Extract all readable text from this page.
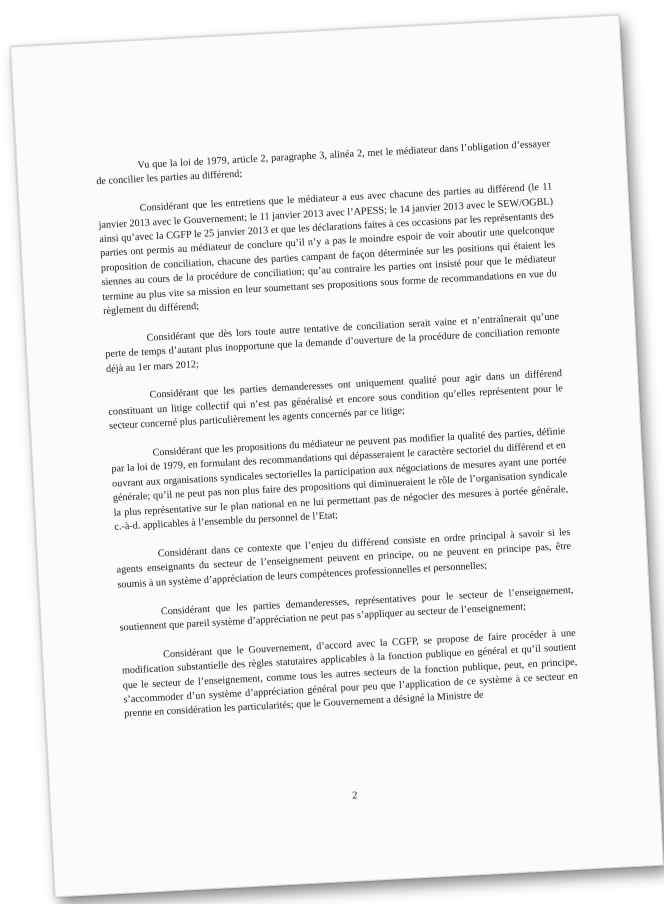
Vu que la loi de 1979, article 2, paragraphe 3, alinéa 2, met le médiateur dans l’obligation d’essayer de concilier les parties au différend;

Considérant que les entretiens que le médiateur a eus avec chacune des parties au différend (le 11 janvier 2013 avec le Gouvernement; le 11 janvier 2013 avec l’APESS; le 14 janvier 2013 avec le SEW/OGBL) ainsi qu’avec la CGFP le 25 janvier 2013 et que les déclarations faites à ces occasions par les représentants des parties ont permis au médiateur de conclure qu’il n’y a pas le moindre espoir de voir aboutir une quelconque proposition de conciliation, chacune des parties campant de façon déterminée sur les positions qui étaient les siennes au cours de la procédure de conciliation; qu’au contraire les parties ont insisté pour que le médiateur termine au plus vite sa mission en leur soumettant ses propositions sous forme de recommandations en vue du règlement du différend;

Considérant que dès lors toute autre tentative de conciliation serait vaine et n’entraînerait qu’une perte de temps d’autant plus inopportune que la demande d’ouverture de la procédure de conciliation remonte déjà au 1er mars 2012;

Considérant que les parties demanderesses ont uniquement qualité pour agir dans un différend constituant un litige collectif qui n’est pas généralisé et encore sous condition qu’elles représentent pour le secteur concerné plus particulièrement les agents concernés par ce litige;

Considérant que les propositions du médiateur ne peuvent pas modifier la qualité des parties, définie par la loi de 1979, en formulant des recommandations qui dépasseraient le caractère sectoriel du différend et en ouvrant aux organisations syndicales sectorielles la participation aux négociations de mesures ayant une portée générale; qu’il ne peut pas non plus faire des propositions qui diminueraient le rôle de l’organisation syndicale la plus représentative sur le plan national en ne lui permettant pas de négocier des mesures à portée générale, c.-à-d. applicables à l’ensemble du personnel de l’Etat;

Considérant dans ce contexte que l’enjeu du différend consiste en ordre principal à savoir si les agents enseignants du secteur de l’enseignement peuvent en principe, ou ne peuvent en principe pas, être soumis à un système d’appréciation de leurs compétences professionnelles et personnelles;

Considérant que les parties demanderesses, représentatives pour le secteur de l’enseignement, soutiennent que pareil système d’appréciation ne peut pas s’appliquer au secteur de l’enseignement;

Considérant que le Gouvernement, d’accord avec la CGFP, se propose de faire procéder à une modification substantielle des règles statutaires applicables à la fonction publique en général et qu’il soutient que le secteur de l’enseignement, comme tous les autres secteurs de la fonction publique, peut, en principe, s’accommoder d’un système d’appréciation général pour peu que l’application de ce système à ce secteur en prenne en considération les particularités; que le Gouvernement a désigné la Ministre de

2
